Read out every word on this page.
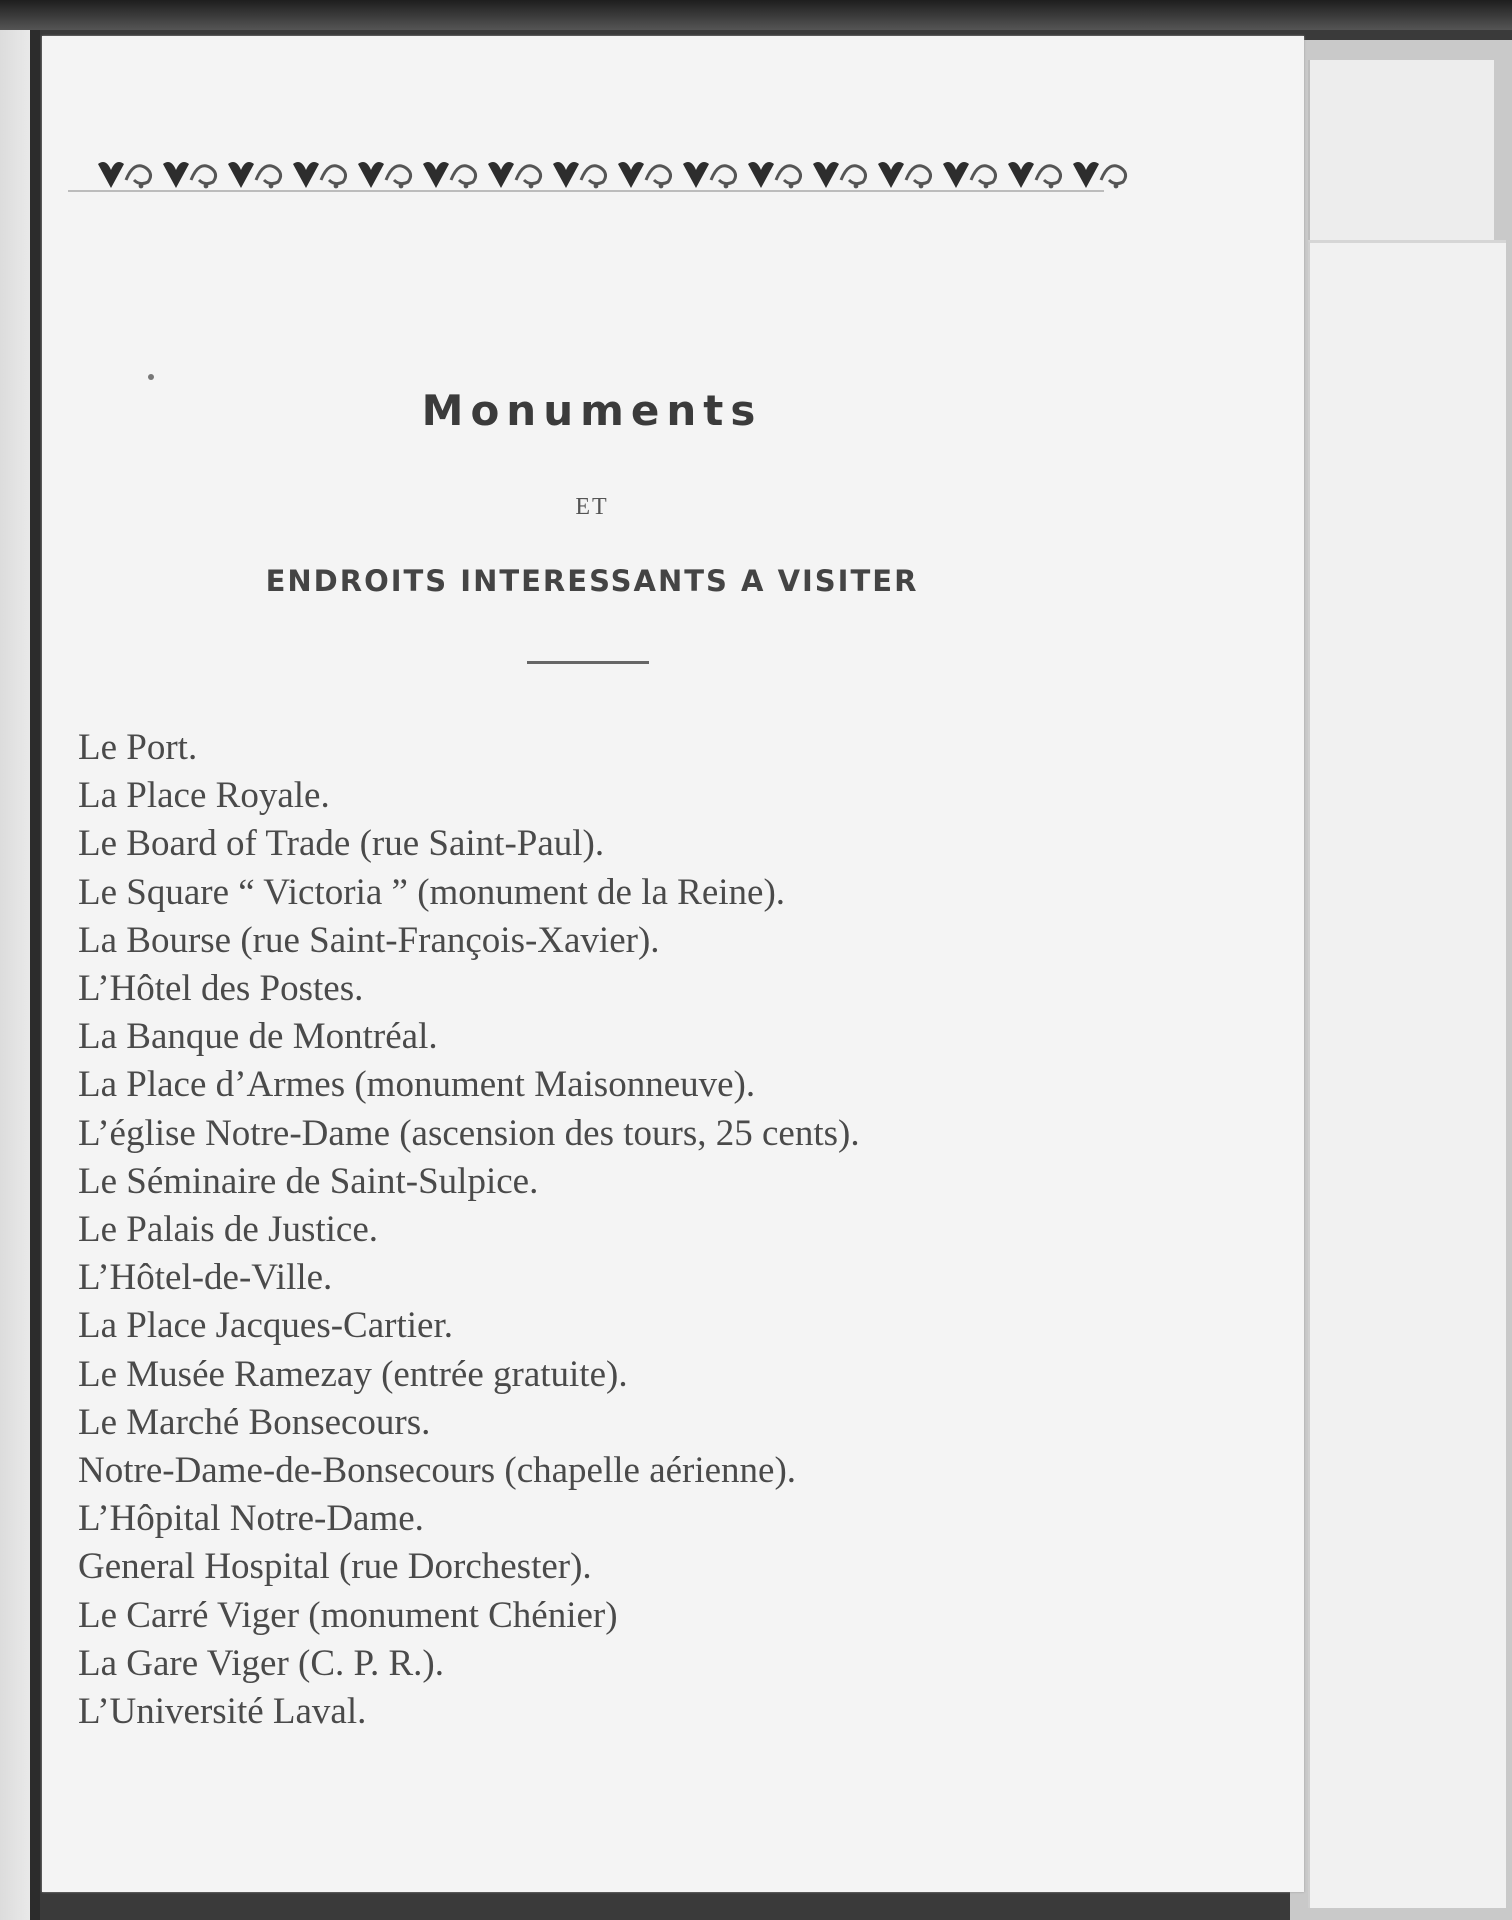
Monuments
ET
ENDROITS INTERESSANTS A VISITER
Le Port.
La Place Royale.
Le Board of Trade (rue Saint-Paul).
Le Square “ Victoria ” (monument de la Reine).
La Bourse (rue Saint-François-Xavier).
L’Hôtel des Postes.
La Banque de Montréal.
La Place d’Armes (monument Maisonneuve).
L’église Notre-Dame (ascension des tours, 25 cents).
Le Séminaire de Saint-Sulpice.
Le Palais de Justice.
L’Hôtel-de-Ville.
La Place Jacques-Cartier.
Le Musée Ramezay (entrée gratuite).
Le Marché Bonsecours.
Notre-Dame-de-Bonsecours (chapelle aérienne).
L’Hôpital Notre-Dame.
General Hospital (rue Dorchester).
Le Carré Viger (monument Chénier)
La Gare Viger (C. P. R.).
L’Université Laval.
